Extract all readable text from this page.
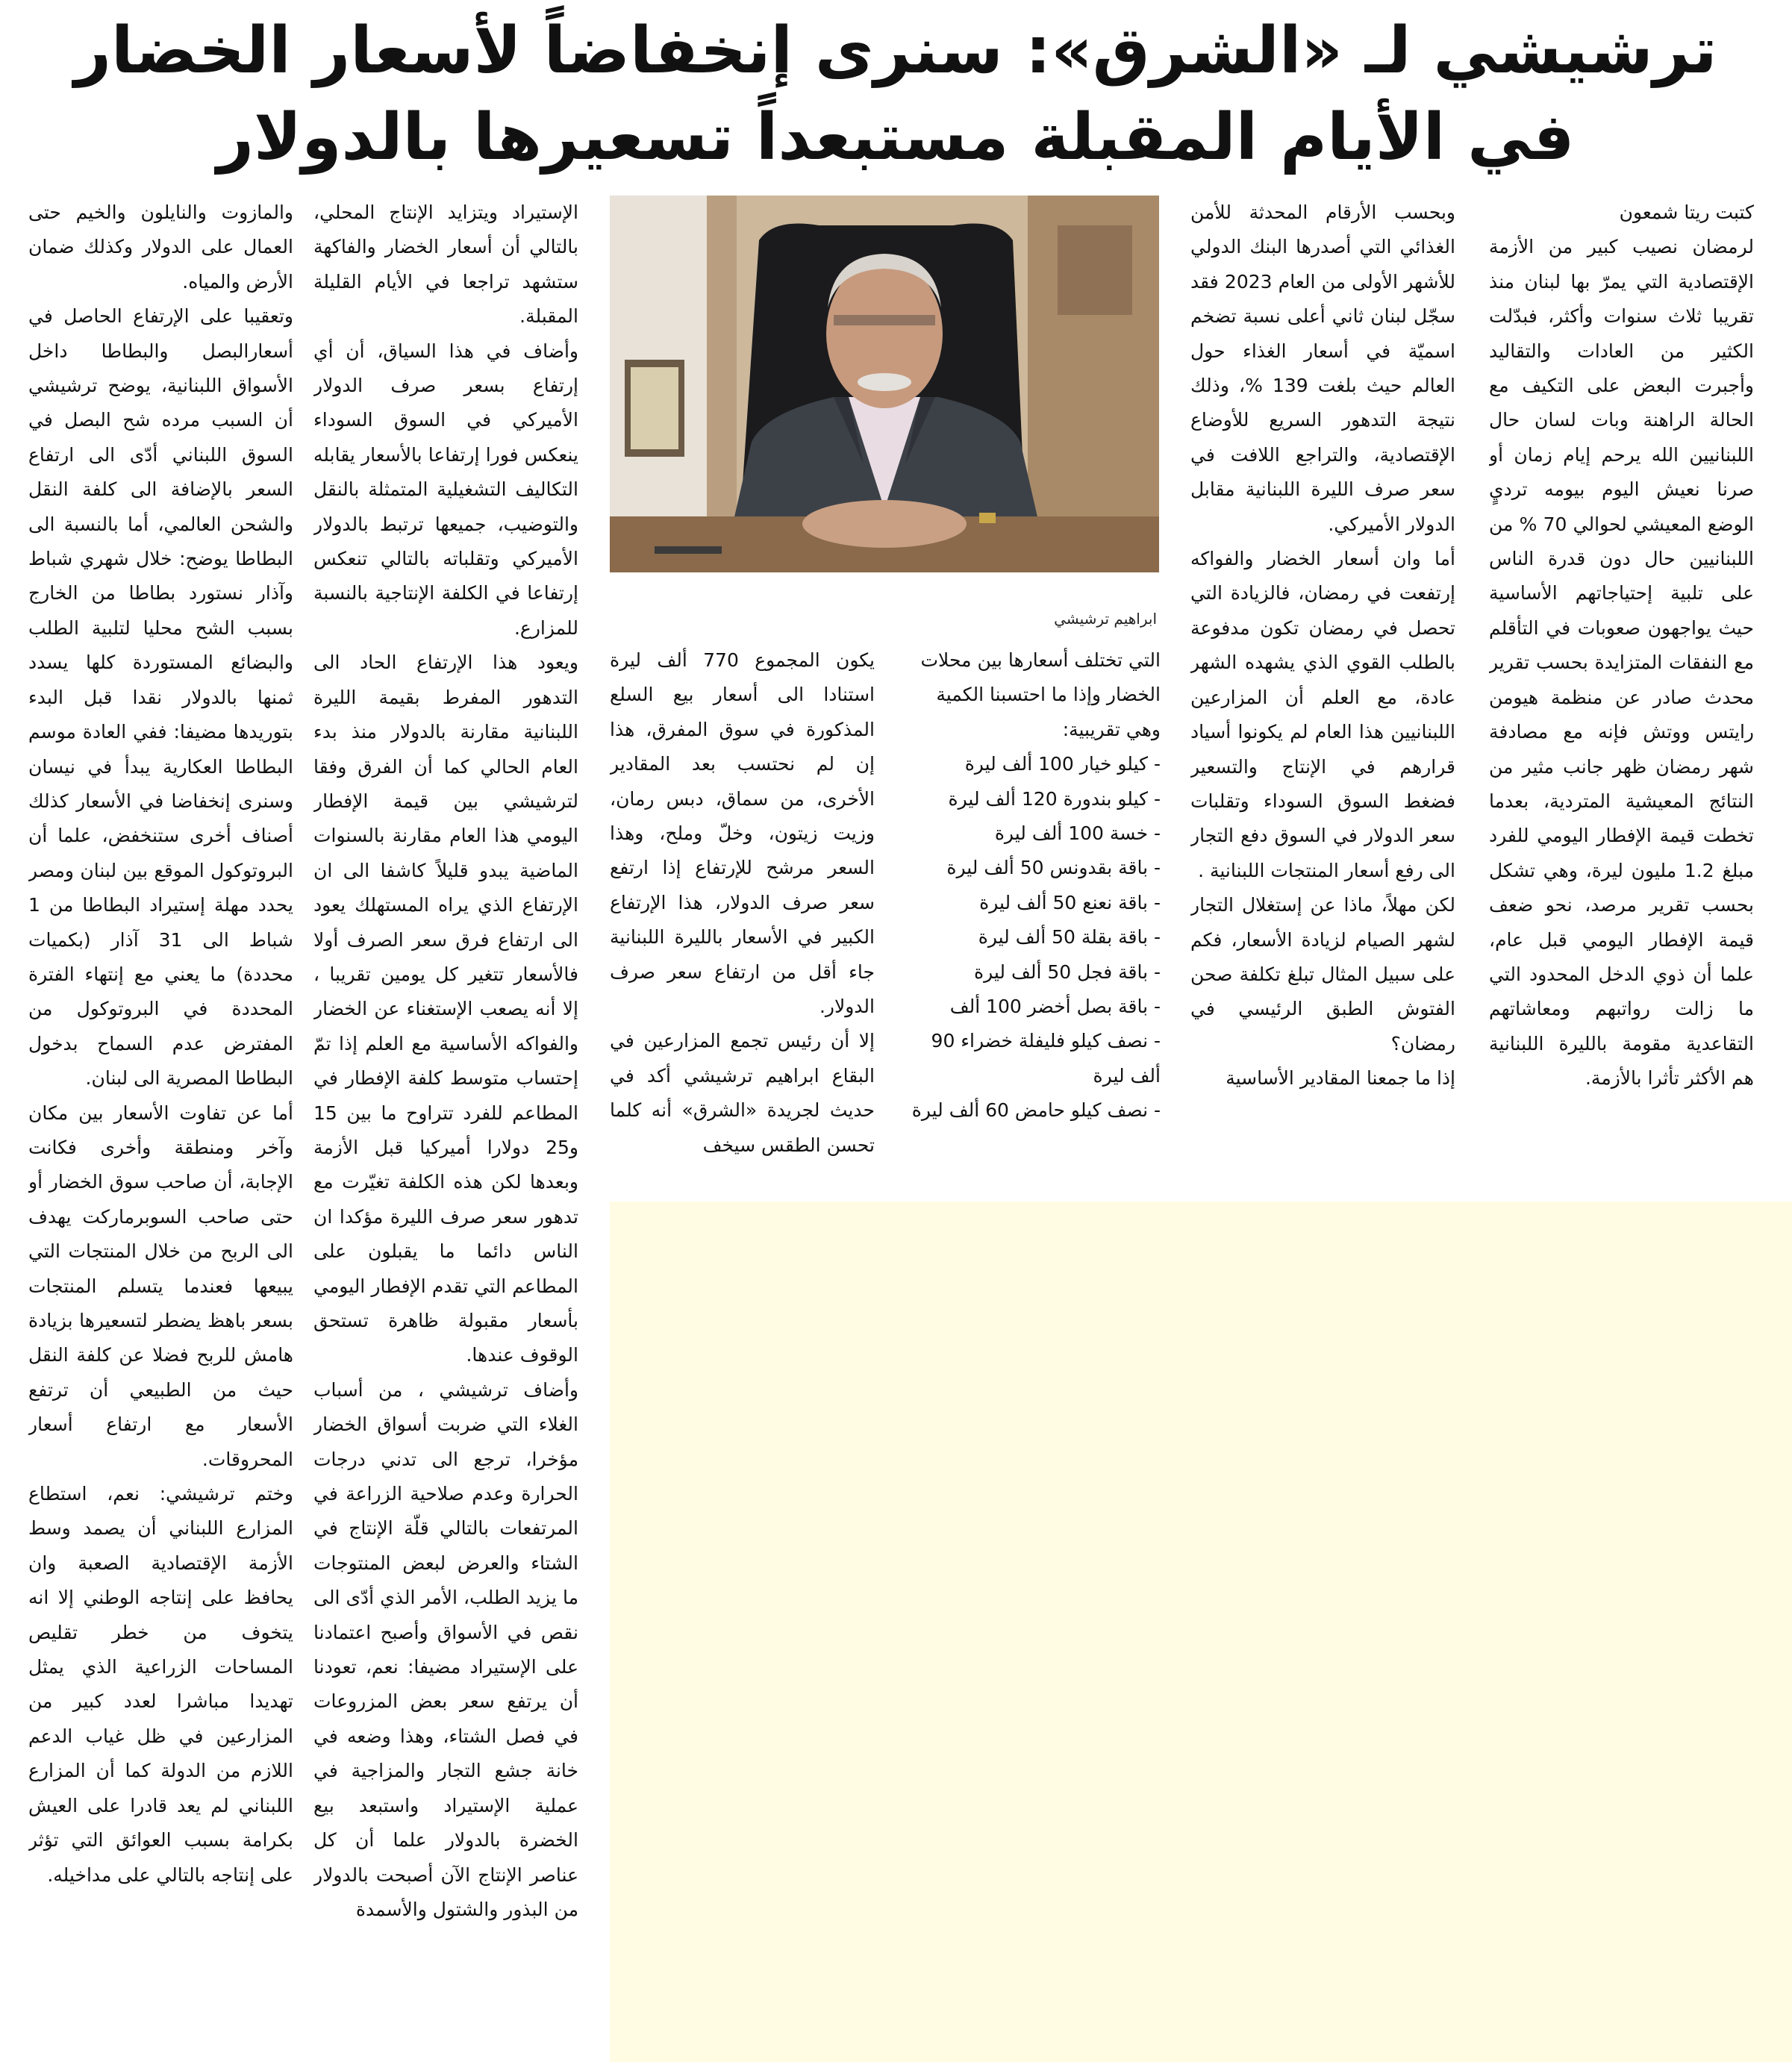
ترشيشي لـ «الشرق»: سنرى إنخفاضاً لأسعار الخضار
في الأيام المقبلة مستبعداً تسعيرها بالدولار

كتبت ريتا شمعون

لرمضان نصيب كبير من الأزمة الإقتصادية التي يمرّ بها لبنان منذ تقريبا ثلاث سنوات وأكثر، فبدّلت الكثير من العادات والتقاليد وأجبرت البعض على التكيف مع الحالة الراهنة وبات لسان حال اللبنانيين الله يرحم إيام زمان أو صرنا نعيش اليوم بيومه ترديٍ الوضع المعيشي لحوالي 70 % من اللبنانيين حال دون قدرة الناس على تلبية إحتياجاتهم الأساسية حيث يواجهون صعوبات في التأقلم مع النفقات المتزايدة بحسب تقرير محدث صادر عن منظمة هيومن رايتس ووتش فإنه مع مصادفة شهر رمضان ظهر جانب مثير من النتائج المعيشية المتردية، بعدما تخطت قيمة الإفطار اليومي للفرد مبلغ 1.2 مليون ليرة، وهي تشكل بحسب تقرير مرصد، نحو ضعف قيمة الإفطار اليومي قبل عام، علما أن ذوي الدخل المحدود التي ما زالت رواتبهم ومعاشاتهم التقاعدية مقومة بالليرة اللبنانية هم الأكثر تأثرا بالأزمة.

وبحسب الأرقام المحدثة للأمن الغذائي التي أصدرها البنك الدولي للأشهر الأولى من العام 2023 فقد سجّل لبنان ثاني أعلى نسبة تضخم اسميّة في أسعار الغذاء حول العالم حيث بلغت 139 %، وذلك نتيجة التدهور السريع للأوضاع الإقتصادية، والتراجع اللافت في سعر صرف الليرة اللبنانية مقابل الدولار الأميركي.

أما وان أسعار الخضار والفواكه إرتفعت في رمضان، فالزيادة التي تحصل في رمضان تكون مدفوعة بالطلب القوي الذي يشهده الشهر عادة، مع العلم أن المزارعين اللبنانيين هذا العام لم يكونوا أسياد قرارهم في الإنتاج والتسعير فضغط السوق السوداء وتقلبات سعر الدولار في السوق دفع التجار الى رفع أسعار المنتجات اللبنانية .

لكن مهلاً، ماذا عن إستغلال التجار لشهر الصيام لزيادة الأسعار، فكم على سبيل المثال تبلغ تكلفة صحن الفتوش الطبق الرئيسي في رمضان؟

إذا ما جمعنا المقادير الأساسية

ابراهيم ترشيشي

التي تختلف أسعارها بين محلات الخضار وإذا ما احتسبنا الكمية وهي تقريبية:

- كيلو خيار 100 ألف ليرة

- كيلو بندورة 120 ألف ليرة

- خسة 100 ألف ليرة

- باقة بقدونس 50 ألف ليرة

- باقة نعنع 50 ألف ليرة

- باقة بقلة 50 ألف ليرة

- باقة فجل 50 ألف ليرة

- باقة بصل أخضر 100 ألف

- نصف كيلو فليفلة خضراء 90 ألف ليرة

- نصف كيلو حامض 60 ألف ليرة

يكون المجموع 770 ألف ليرة استنادا الى أسعار بيع السلع المذكورة في سوق المفرق، هذا إن لم نحتسب بعد المقادير الأخرى، من سماق، دبس رمان، وزيت زيتون، وخلّ وملح، وهذا السعر مرشح للإرتفاع إذا ارتفع سعر صرف الدولار، هذا الإرتفاع الكبير في الأسعار بالليرة اللبنانية جاء أقل من ارتفاع سعر صرف الدولار.

إلا أن رئيس تجمع المزارعين في البقاع ابراهيم ترشيشي أكد في حديث لجريدة «الشرق» أنه كلما تحسن الطقس سيخف

الإستيراد ويتزايد الإنتاج المحلي، بالتالي أن أسعار الخضار والفاكهة ستشهد تراجعا في الأيام القليلة المقبلة.

وأضاف في هذا السياق، أن أي إرتفاع بسعر صرف الدولار الأميركي في السوق السوداء ينعكس فورا إرتفاعا بالأسعار يقابله التكاليف التشغيلية المتمثلة بالنقل والتوضيب، جميعها ترتبط بالدولار الأميركي وتقلباته بالتالي تنعكس إرتفاعا في الكلفة الإنتاجية بالنسبة للمزارع.

ويعود هذا الإرتفاع الحاد الى التدهور المفرط بقيمة الليرة اللبنانية مقارنة بالدولار منذ بدء العام الحالي كما أن الفرق وفقا لترشيشي بين قيمة الإفطار اليومي هذا العام مقارنة بالسنوات الماضية يبدو قليلاً كاشفا الى ان الإرتفاع الذي يراه المستهلك يعود الى ارتفاع فرق سعر الصرف أولا فالأسعار تتغير كل يومين تقريبا ، إلا أنه يصعب الإستغناء عن الخضار والفواكه الأساسية مع العلم إذا تمّ إحتساب متوسط كلفة الإفطار في المطاعم للفرد تتراوح ما بين 15 و25 دولارا أميركيا قبل الأزمة وبعدها لكن هذه الكلفة تغيّرت مع تدهور سعر صرف الليرة مؤكدا ان الناس دائما ما يقبلون على المطاعم التي تقدم الإفطار اليومي بأسعار مقبولة ظاهرة تستحق الوقوف عندها.

وأضاف ترشيشي ، من أسباب الغلاء التي ضربت أسواق الخضار مؤخرا، ترجع الى تدني درجات الحرارة وعدم صلاحية الزراعة في المرتفعات بالتالي قلّة الإنتاج في الشتاء والعرض لبعض المنتوجات ما يزيد الطلب، الأمر الذي أدّى الى نقص في الأسواق وأصبح اعتمادنا على الإستيراد مضيفا: نعم، تعودنا أن يرتفع سعر بعض المزروعات في فصل الشتاء، وهذا وضعه في خانة جشع التجار والمزاجية في عملية الإستيراد واستبعد بيع الخضرة بالدولار علما أن كل عناصر الإنتاج الآن أصبحت بالدولار من البذور والشتول والأسمدة

والمازوت والنايلون والخيم حتى العمال على الدولار وكذلك ضمان الأرض والمياه.

وتعقيبا على الإرتفاع الحاصل في أسعارالبصل والبطاطا داخل الأسواق اللبنانية، يوضح ترشيشي أن السبب مرده شح البصل في السوق اللبناني أدّى الى ارتفاع السعر بالإضافة الى كلفة النقل والشحن العالمي، أما بالنسبة الى البطاطا يوضح: خلال شهري شباط وآذار نستورد بطاطا من الخارج بسبب الشح محليا لتلبية الطلب والبضائع المستوردة كلها يسدد ثمنها بالدولار نقدا قبل البدء بتوريدها مضيفا: ففي العادة موسم البطاطا العكارية يبدأ في نيسان وسنرى إنخفاضا في الأسعار كذلك أصناف أخرى ستنخفض، علما أن البروتوكول الموقع بين لبنان ومصر يحدد مهلة إستيراد البطاطا من 1 شباط الى 31 آذار (بكميات محددة) ما يعني مع إنتهاء الفترة المحددة في البروتوكول من المفترض عدم السماح بدخول البطاطا المصرية الى لبنان.

أما عن تفاوت الأسعار بين مكان وآخر ومنطقة وأخرى فكانت الإجابة، أن صاحب سوق الخضار أو حتى صاحب السوبرماركت يهدف الى الربح من خلال المنتجات التي يبيعها فعندما يتسلم المنتجات بسعر باهظ يضطر لتسعيرها بزيادة هامش للربح فضلا عن كلفة النقل حيث من الطبيعي أن ترتفع الأسعار مع ارتفاع أسعار المحروقات.

وختم ترشيشي: نعم، استطاع المزارع اللبناني أن يصمد وسط الأزمة الإقتصادية الصعبة وان يحافظ على إنتاجه الوطني إلا انه يتخوف من خطر تقليص المساحات الزراعية الذي يمثل تهديدا مباشرا لعدد كبير من المزارعين في ظل غياب الدعم اللازم من الدولة كما أن المزارع اللبناني لم يعد قادرا على العيش بكرامة بسبب العوائق التي تؤثر على إنتاجه بالتالي على مداخيله.
